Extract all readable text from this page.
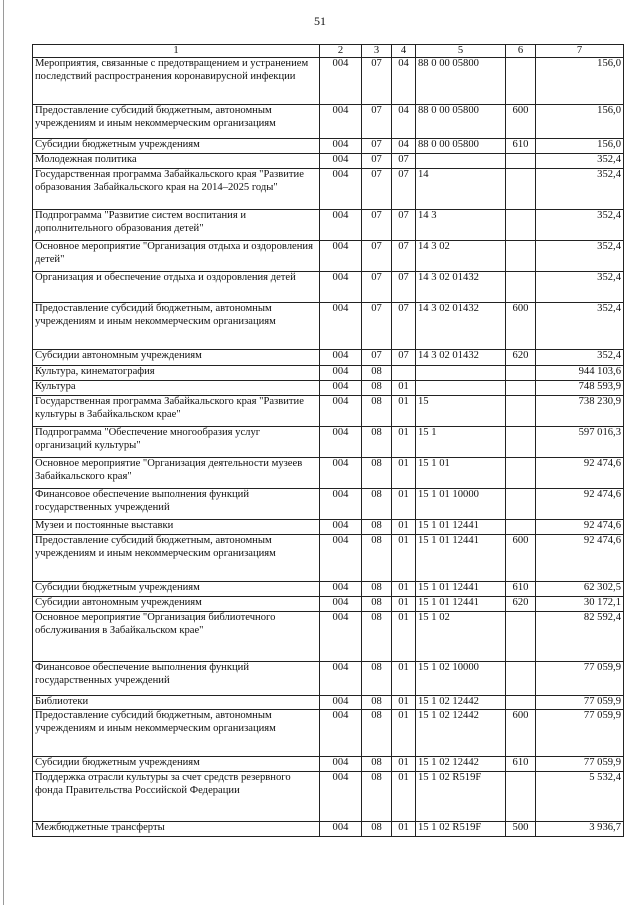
51
1	2	3	4	5	6	7
Мероприятия, связанные с предотвращением и устранением последствий распространения коронавирусной инфекции	004	07	04	88 0 00 05800		156,0
Предоставление субсидий бюджетным, автономным учреждениям и иным некоммерческим организациям	004	07	04	88 0 00 05800	600	156,0
Субсидии бюджетным учреждениям	004	07	04	88 0 00 05800	610	156,0
Молодежная политика	004	07	07			352,4
Государственная программа Забайкальского края "Развитие образования Забайкальского края на 2014–2025 годы"	004	07	07	14		352,4
Подпрограмма "Развитие систем воспитания и дополнительного образования детей"	004	07	07	14 3		352,4
Основное мероприятие "Организация отдыха и оздоровления детей"	004	07	07	14 3 02		352,4
Организация и обеспечение отдыха и оздоровления детей	004	07	07	14 3 02 01432		352,4
Предоставление субсидий бюджетным, автономным учреждениям и иным некоммерческим организациям	004	07	07	14 3 02 01432	600	352,4
Субсидии автономным учреждениям	004	07	07	14 3 02 01432	620	352,4
Культура, кинематография	004	08				944 103,6
Культура	004	08	01			748 593,9
Государственная программа Забайкальского края "Развитие культуры в Забайкальском крае"	004	08	01	15		738 230,9
Подпрограмма "Обеспечение многообразия услуг организаций культуры"	004	08	01	15 1		597 016,3
Основное мероприятие "Организация деятельности музеев Забайкальского края"	004	08	01	15 1 01		92 474,6
Финансовое обеспечение выполнения функций государственных учреждений	004	08	01	15 1 01 10000		92 474,6
Музеи и постоянные выставки	004	08	01	15 1 01 12441		92 474,6
Предоставление субсидий бюджетным, автономным учреждениям и иным некоммерческим организациям	004	08	01	15 1 01 12441	600	92 474,6
Субсидии бюджетным учреждениям	004	08	01	15 1 01 12441	610	62 302,5
Субсидии автономным учреждениям	004	08	01	15 1 01 12441	620	30 172,1
Основное мероприятие "Организация библиотечного обслуживания в Забайкальском крае"	004	08	01	15 1 02		82 592,4
Финансовое обеспечение выполнения функций государственных учреждений	004	08	01	15 1 02 10000		77 059,9
Библиотеки	004	08	01	15 1 02 12442		77 059,9
Предоставление субсидий бюджетным, автономным учреждениям и иным некоммерческим организациям	004	08	01	15 1 02 12442	600	77 059,9
Субсидии бюджетным учреждениям	004	08	01	15 1 02 12442	610	77 059,9
Поддержка отрасли культуры за счет средств резервного фонда Правительства Российской Федерации	004	08	01	15 1 02 R519F		5 532,4
Межбюджетные трансферты	004	08	01	15 1 02 R519F	500	3 936,7
